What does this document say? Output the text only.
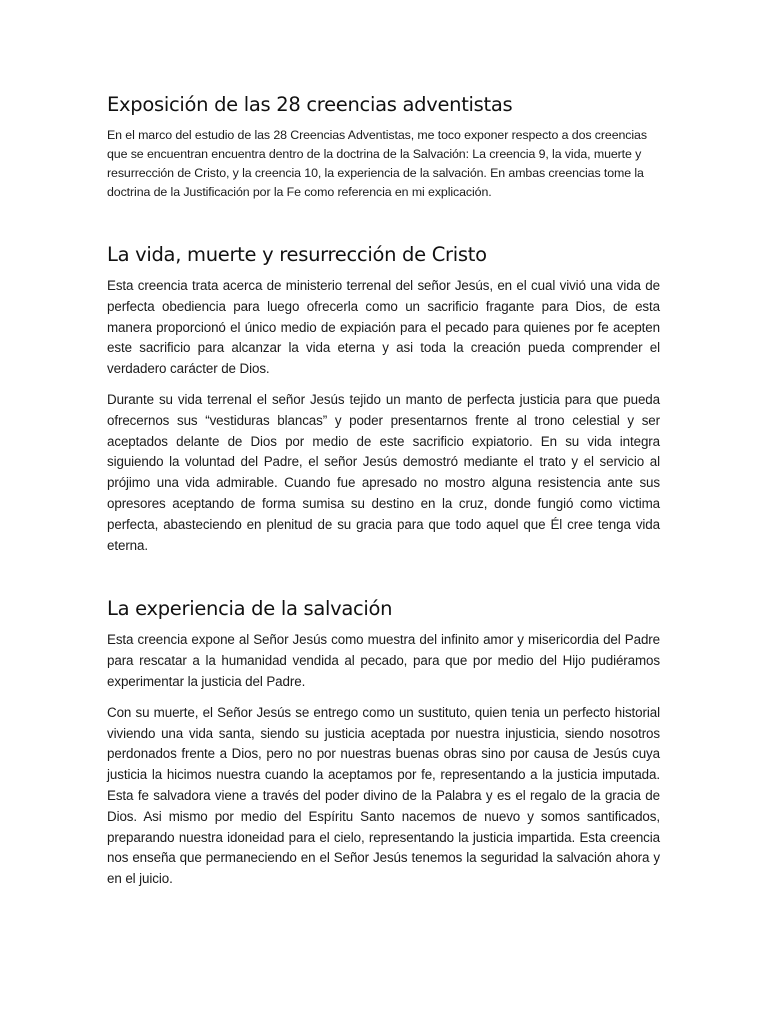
Exposición de las 28 creencias adventistas

En el marco del estudio de las 28 Creencias Adventistas, me toco exponer respecto a dos creencias que se encuentran encuentra dentro de la doctrina de la Salvación: La creencia 9, la vida, muerte y resurrección de Cristo, y la creencia 10, la experiencia de la salvación. En ambas creencias tome la doctrina de la Justificación por la Fe como referencia en mi explicación.

La vida, muerte y resurrección de Cristo

Esta creencia trata acerca de ministerio terrenal del señor Jesús, en el cual vivió una vida de perfecta obediencia para luego ofrecerla como un sacrificio fragante para Dios, de esta manera proporcionó el único medio de expiación para el pecado para quienes por fe acepten este sacrificio para alcanzar la vida eterna y asi toda la creación pueda comprender el verdadero carácter de Dios.

Durante su vida terrenal el señor Jesús tejido un manto de perfecta justicia para que pueda ofrecernos sus “vestiduras blancas” y poder presentarnos frente al trono celestial y ser aceptados delante de Dios por medio de este sacrificio expiatorio. En su vida integra siguiendo la voluntad del Padre, el señor Jesús demostró mediante el trato y el servicio al prójimo una vida admirable. Cuando fue apresado no mostro alguna resistencia ante sus opresores aceptando de forma sumisa su destino en la cruz, donde fungió como victima perfecta, abasteciendo en plenitud de su gracia para que todo aquel que Él cree tenga vida eterna.

La experiencia de la salvación

Esta creencia expone al Señor Jesús como muestra del infinito amor y misericordia del Padre para rescatar a la humanidad vendida al pecado, para que por medio del Hijo pudiéramos experimentar la justicia del Padre.

Con su muerte, el Señor Jesús se entrego como un sustituto, quien tenia un perfecto historial viviendo una vida santa, siendo su justicia aceptada por nuestra injusticia, siendo nosotros perdonados frente a Dios, pero no por nuestras buenas obras sino por causa de Jesús cuya justicia la hicimos nuestra cuando la aceptamos por fe, representando a la justicia imputada. Esta fe salvadora viene a través del poder divino de la Palabra y es el regalo de la gracia de Dios. Asi mismo por medio del Espíritu Santo nacemos de nuevo y somos santificados, preparando nuestra idoneidad para el cielo, representando la justicia impartida. Esta creencia nos enseña que permaneciendo en el Señor Jesús tenemos la seguridad la salvación ahora y en el juicio.
